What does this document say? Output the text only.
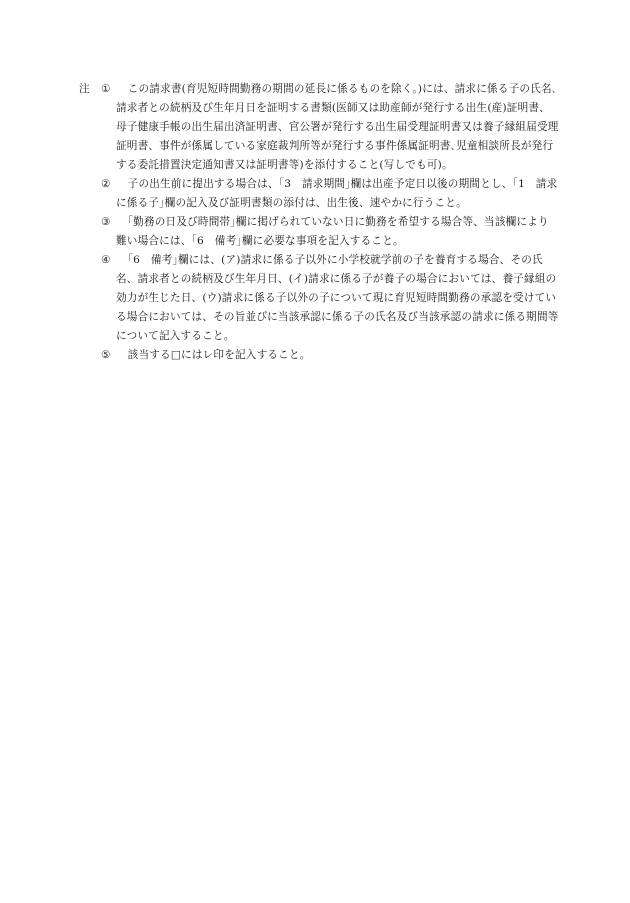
注	①	この請求書(育児短時間勤務の期間の延長に係るものを除く。)には、請求に係る子の氏名､請求者との続柄及び生年月日を証明する書類(医師又は助産師が発行する出生(産)証明書、母子健康手帳の出生届出済証明書、官公署が発行する出生届受理証明書又は養子縁組届受理証明書、事件が係属している家庭裁判所等が発行する事件係属証明書､児童相談所長が発行する委託措置決定通知書又は証明書等)を添付すること(写しでも可)。
②	子の出生前に提出する場合は、｢3　請求期間｣欄は出産予定日以後の期間とし、｢1　請求に係る子｣欄の記入及び証明書類の添付は、出生後、速やかに行うこと。
③	｢勤務の日及び時間帯｣欄に掲げられていない日に勤務を希望する場合等、当該欄により難い場合には、｢6　備考｣欄に必要な事項を記入すること。
④	｢6　備考｣欄には、(ア)請求に係る子以外に小学校就学前の子を養育する場合、その氏名、請求者との続柄及び生年月日、(イ)請求に係る子が養子の場合においては、養子縁組の効力が生じた日、(ウ)請求に係る子以外の子について現に育児短時間勤務の承認を受けている場合においては、その旨並びに当該承認に係る子の氏名及び当該承認の請求に係る期間等について記入すること。
⑤	該当する□にはレ印を記入すること。
